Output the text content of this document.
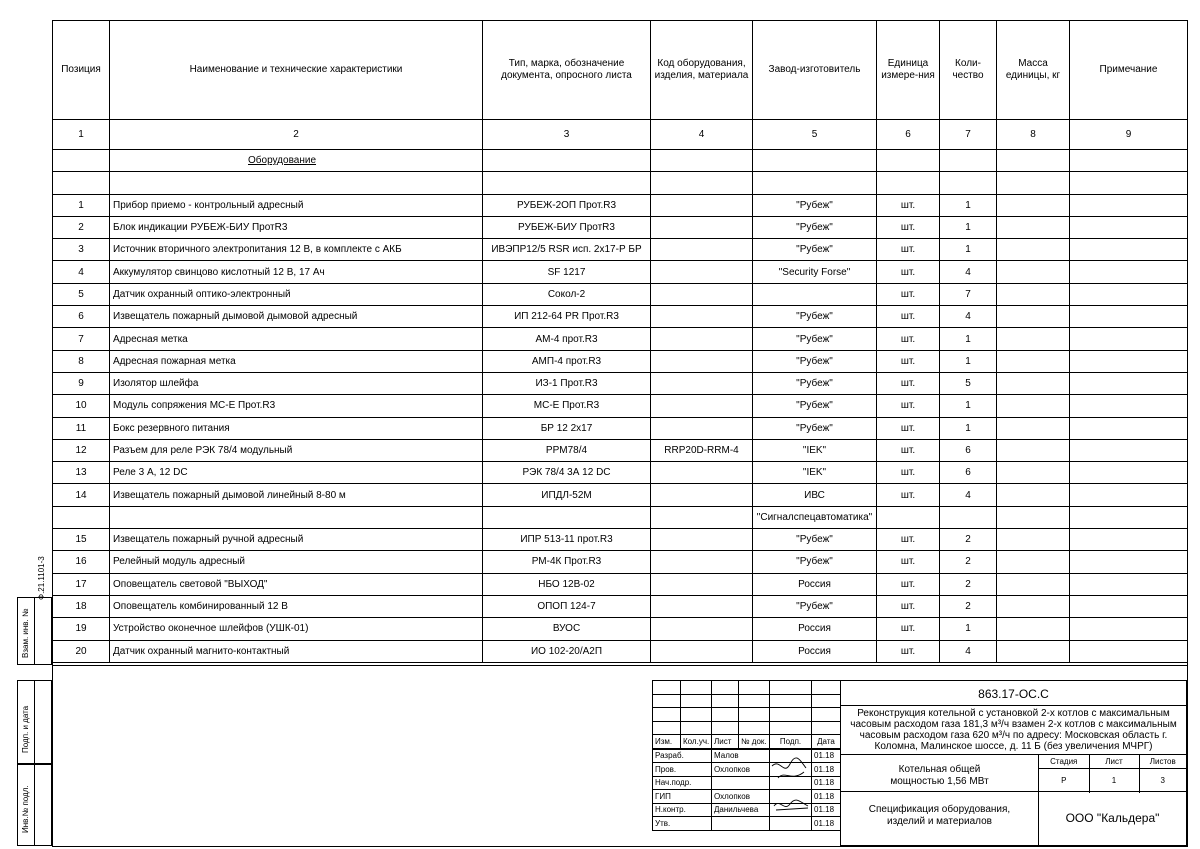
Позиция	Наименование и технические характеристики	Тип, марка, обозначение документа, опросного листа	Код оборудования, изделия, материала	Завод-изготовитель	Единица измере-ния	Коли-чество	Масса единицы, кг	Примечание
1	2	3	4	5	6	7	8	9
	Оборудование							

1	Прибор приемо - контрольный адресный	РУБЕЖ-2ОП Прот.R3		"Рубеж"	шт.	1		
2	Блок индикации РУБЕЖ-БИУ ПротR3	РУБЕЖ-БИУ ПротR3		"Рубеж"	шт.	1		
3	Источник вторичного электропитания 12 В, в комплекте с АКБ	ИВЭПР12/5 RSR исп. 2х17-Р БР		"Рубеж"	шт.	1		
4	Аккумулятор свинцово кислотный 12 В, 17 Ач	SF 1217		"Security Forse"	шт.	4		
5	Датчик охранный оптико-электронный	Сокол-2			шт.	7		
6	Извещатель пожарный дымовой дымовой адресный	ИП 212-64 PR Прот.R3		"Рубеж"	шт.	4		
7	Адресная метка	АМ-4 прот.R3		"Рубеж"	шт.	1		
8	Адресная пожарная метка	АМП-4 прот.R3		"Рубеж"	шт.	1		
9	Изолятор шлейфа	ИЗ-1 Прот.R3		"Рубеж"	шт.	5		
10	Модуль сопряжения МС-Е Прот.R3	МС-Е Прот.R3		"Рубеж"	шт.	1		
11	Бокс резервного питания	БР 12 2х17		"Рубеж"	шт.	1		
12	Разъем для реле РЭК 78/4 модульный	PPM78/4	RRP20D-RRM-4	"IEK"	шт.	6		
13	Реле 3 А, 12 DC	РЭК 78/4 3А 12 DC		"IEK"	шт.	6		
14	Извещатель пожарный дымовой линейный 8-80 м	ИПДЛ-52М		ИВС	шт.	4		
				"Сигналспецавтоматика"				
15	Извещатель пожарный ручной адресный	ИПР 513-11 прот.R3		"Рубеж"	шт.	2		
16	Релейный модуль адресный	РМ-4К Прот.R3		"Рубеж"	шт.	2		
17	Оповещатель световой "ВЫХОД"	НБО 12В-02		Россия	шт.	2		
18	Оповещатель комбинированный 12 В	ОПОП 124-7		"Рубеж"	шт.	2		
19	Устройство оконечное шлейфов (УШК-01)	ВУОС		Россия	шт.	1		
20	Датчик охранный магнито-контактный	ИО 102-20/А2П		Россия	шт.	4		
Ф.21.1101-3
Взам. инв. №
Подп. и дата
Инв.№ подл.

Изм.	Кол.уч.	Лист	№ док.	Подп.	Дата
Разраб.	Малов		01.18
Пров.	Охлопков		01.18
Нач.подр.			01.18
ГИП	Охлопков		01.18
Н.контр.	Данильчева		01.18
Утв.			01.18
863.17-ОС.С
Реконструкция котельной с установкой 2-х котлов с максимальным часовым расходом газа 181,3 м³/ч взамен 2-х котлов с максимальным часовым расходом газа 620 м³/ч по адресу: Московская область г. Коломна, Малинское шоссе, д. 11 Б (без увеличения МЧРГ)
Котельная общей мощностью 1,56 МВт
Стадия	Лист	Листов
Р	1	3
Спецификация оборудования, изделий и материалов	ООО "Кальдера"
